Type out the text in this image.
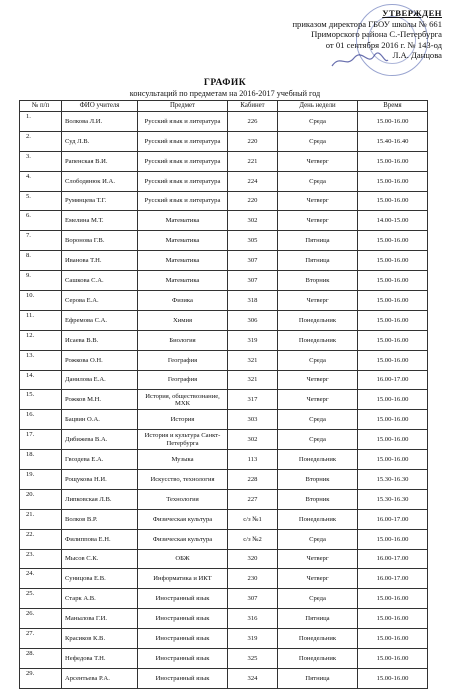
УТВЕРЖДЕН
приказом директора ГБОУ школы № 661
Приморского района С.-Петербурга
от 01 сентября 2016 г. № 143-од
Л.А. Данцова
ГРАФИК
консультаций по предметам на 2016-2017 учебный год
№ п/п	ФИО учителя	Предмет	Кабинет	День недели	Время
1.	Волкова Л.И.	Русский язык и литература	226	Среда	15.00-16.00
2.	Суд Л.В.	Русский язык и литература	220	Среда	15.40-16.40
3.	Рапенская В.И.	Русский язык и литература	221	Четверг	15.00-16.00
4.	Слободянюк И.А.	Русский язык и литература	224	Среда	15.00-16.00
5.	Румянцева Т.Г.	Русский язык и литература	220	Четверг	15.00-16.00
6.	Емелина М.Т.	Математика	302	Четверг	14.00-15.00
7.	Воронова Г.В.	Математика	305	Пятница	15.00-16.00
8.	Иванова Т.Н.	Математика	307	Пятница	15.00-16.00
9.	Сашкова С.А.	Математика	307	Вторник	15.00-16.00
10.	Серова Е.А.	Физика	318	Четверг	15.00-16.00
11.	Ефремова С.А.	Химия	306	Понедельник	15.00-16.00
12.	Исаева В.В.	Биология	319	Понедельник	15.00-16.00
13.	Рожкова О.Н.	География	321	Среда	15.00-16.00
14.	Данилова Е.А.	География	321	Четверг	16.00-17.00
15.	Рожков М.Н.	История, обществознание, МХК	317	Четверг	15.00-16.00
16.	Бацвин О.А.	История	303	Среда	15.00-16.00
17.	Дибижева В.А.	История и культура Санкт-Петербурга	302	Среда	15.00-16.00
18.	Гвоздева Е.А.	Музыка	113	Понедельник	15.00-16.00
19.	Рощукова Н.И.	Искусство, технология	228	Вторник	15.30-16.30
20.	Липковская Л.В.	Технология	227	Вторник	15.30-16.30
21.	Волков В.Р.	Физическая культура	с/з №1	Понедельник	16.00-17.00
22.	Филиппова Е.Н.	Физическая культура	с/з №2	Среда	15.00-16.00
23.	Мысов С.К.	ОБЖ	320	Четверг	16.00-17.00
24.	Суницова Е.В.	Информатика и ИКТ	230	Четверг	16.00-17.00
25.	Старк А.В.	Иностранный язык	307	Среда	15.00-16.00
26.	Манылова Г.И.	Иностранный язык	316	Пятница	15.00-16.00
27.	Красиков К.В.	Иностранный язык	319	Понедельник	15.00-16.00
28.	Нефедова Т.Н.	Иностранный язык	325	Понедельник	15.00-16.00
29.	Арсентьева Р.А.	Иностранный язык	324	Пятница	15.00-16.00
